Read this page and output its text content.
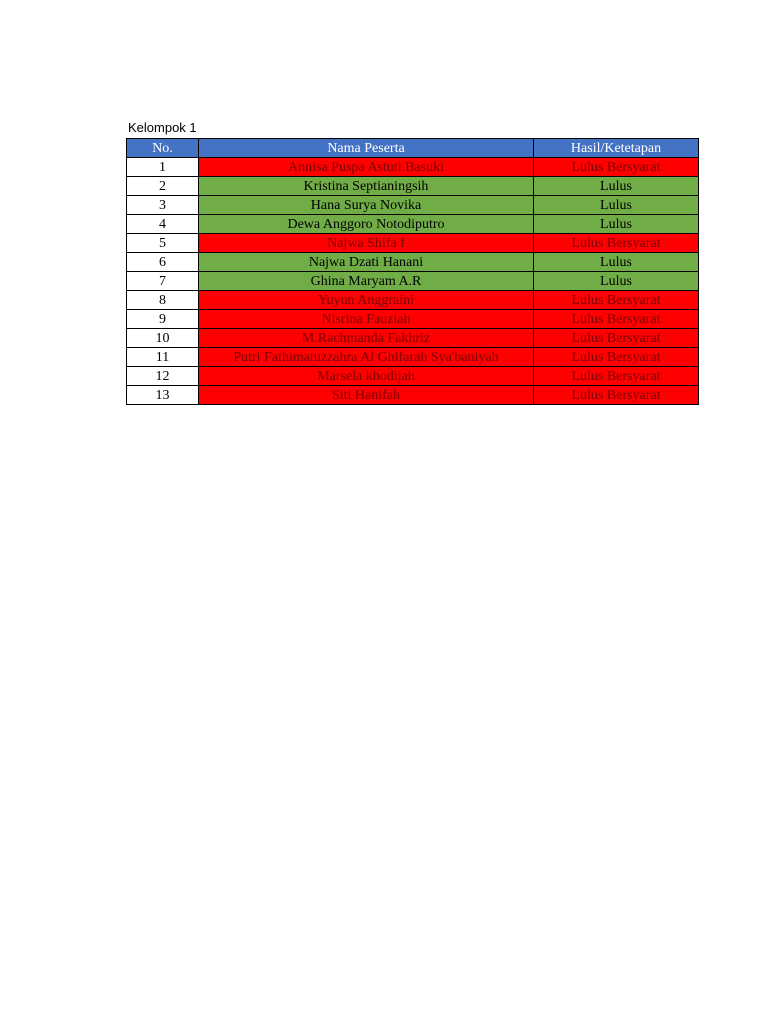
Kelompok 1
No.	Nama Peserta	Hasil/Ketetapan
1	Annisa Puspa Astuti Basuki	Lulus Bersyarat
2	Kristina Septianingsih	Lulus
3	Hana Surya Novika	Lulus
4	Dewa Anggoro Notodiputro	Lulus
5	Najwa Shifa f	Lulus Bersyarat
6	Najwa Dzati Hanani	Lulus
7	Ghina Maryam A.R	Lulus
8	Yuyun Anggraini	Lulus Bersyarat
9	Nisrina Fauziah	Lulus Bersyarat
10	M.Rachmanda Fakhriz	Lulus Bersyarat
11	Putri Fathimatuzzahra Al Ghifarah Sya'baniyah	Lulus Bersyarat
12	Marsela khodijah	Lulus Bersyarat
13	Siti Hanifah	Lulus Bersyarat
